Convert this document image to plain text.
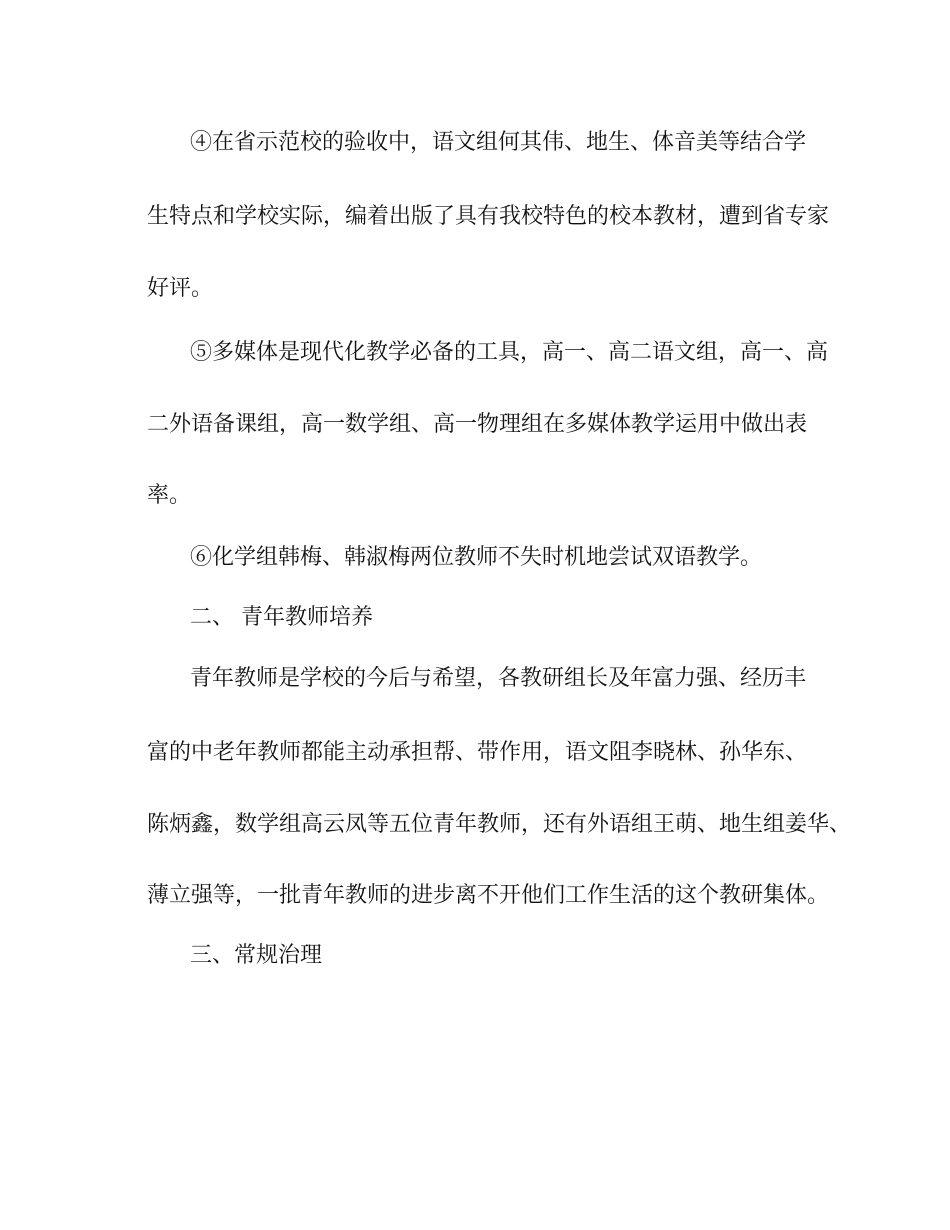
④在省示范校的验收中，语文组何其伟、地生、体音美等结合学
生特点和学校实际，编着出版了具有我校特色的校本教材，遭到省专家
好评。
⑤多媒体是现代化教学必备的工具，高一、高二语文组，高一、高
二外语备课组，高一数学组、高一物理组在多媒体教学运用中做出表
率。
⑥化学组韩梅、韩淑梅两位教师不失时机地尝试双语教学。
二、 青年教师培养
青年教师是学校的今后与希望，各教研组长及年富力强、经历丰
富的中老年教师都能主动承担帮、带作用，语文阻李晓林、孙华东、
陈炳鑫，数学组高云凤等五位青年教师，还有外语组王萌、地生组姜华、
薄立强等，一批青年教师的进步离不开他们工作生活的这个教研集体。
三、常规治理
